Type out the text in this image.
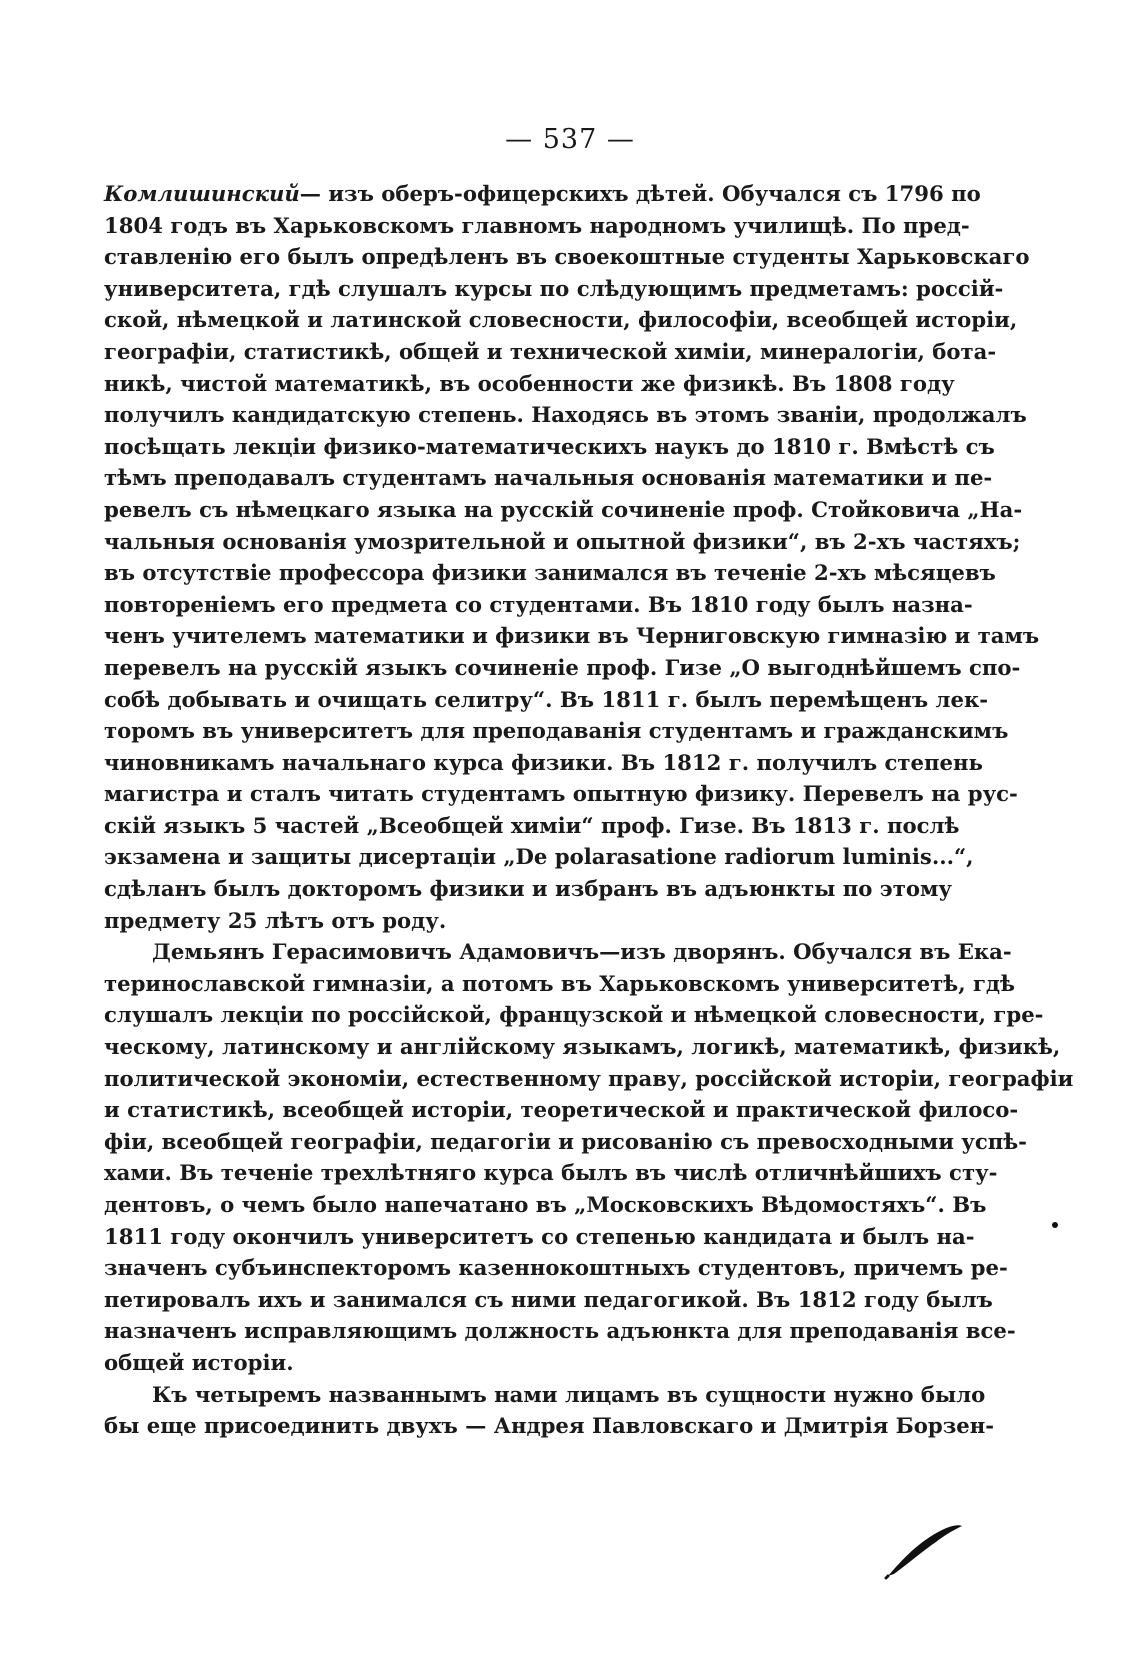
— 537 —
Комлишинский— изъ оберъ-офицерскихъ дѣтей. Обучался съ 1796 по
1804 годъ въ Харьковскомъ главномъ народномъ училищѣ. По пред-
ставленію его былъ опредѣленъ въ своекоштные студенты Харьковскаго
университета, гдѣ слушалъ курсы по слѣдующимъ предметамъ: россій-
ской, нѣмецкой и латинской словесности, философіи, всеобщей исторіи,
географіи, статистикѣ, общей и технической химіи, минералогіи, бота-
никѣ, чистой математикѣ, въ особенности же физикѣ. Въ 1808 году
получилъ кандидатскую степень. Находясь въ этомъ званіи, продолжалъ
посѣщать лекціи физико-математическихъ наукъ до 1810 г. Вмѣстѣ съ
тѣмъ преподавалъ студентамъ начальныя основанія математики и пе-
ревелъ съ нѣмецкаго языка на русскій сочиненіе проф. Стойковича „На-
чальныя основанія умозрительной и опытной физики“, въ 2-хъ частяхъ;
въ отсутствіе профессора физики занимался въ теченіе 2-хъ мѣсяцевъ
повтореніемъ его предмета со студентами. Въ 1810 году былъ назна-
ченъ учителемъ математики и физики въ Черниговскую гимназію и тамъ
перевелъ на русскій языкъ сочиненіе проф. Гизе „О выгоднѣйшемъ спо-
собѣ добывать и очищать селитру“. Въ 1811 г. былъ перемѣщенъ лек-
торомъ въ университетъ для преподаванія студентамъ и гражданскимъ
чиновникамъ начальнаго курса физики. Въ 1812 г. получилъ степень
магистра и сталъ читать студентамъ опытную физику. Перевелъ на рус-
скій языкъ 5 частей „Всеобщей химіи“ проф. Гизе. Въ 1813 г. послѣ
экзамена и защиты дисертаціи „De polarasatione radiorum luminis...“,
сдѣланъ былъ докторомъ физики и избранъ въ адъюнкты по этому
предмету 25 лѣтъ отъ роду.
Демьянъ Герасимовичъ Адамовичъ—изъ дворянъ. Обучался въ Ека-
теринославской гимназіи, а потомъ въ Харьковскомъ университетѣ, гдѣ
слушалъ лекціи по россійской, французской и нѣмецкой словесности, гре-
ческому, латинскому и англійскому языкамъ, логикѣ, математикѣ, физикѣ,
политической экономіи, естественному праву, россійской исторіи, географіи
и статистикѣ, всеобщей исторіи, теоретической и практической филосо-
фіи, всеобщей географіи, педагогіи и рисованію съ превосходными успѣ-
хами. Въ теченіе трехлѣтняго курса былъ въ числѣ отличнѣйшихъ сту-
дентовъ, о чемъ было напечатано въ „Московскихъ Вѣдомостяхъ“. Въ
1811 году окончилъ университетъ со степенью кандидата и былъ на-
значенъ субъинспекторомъ казеннокоштныхъ студентовъ, причемъ ре-
петировалъ ихъ и занимался съ ними педагогикой. Въ 1812 году былъ
назначенъ исправляющимъ должность адъюнкта для преподаванія все-
общей исторіи.
Къ четыремъ названнымъ нами лицамъ въ сущности нужно было
бы еще присоединить двухъ — Андрея Павловскаго и Дмитрія Борзен-
